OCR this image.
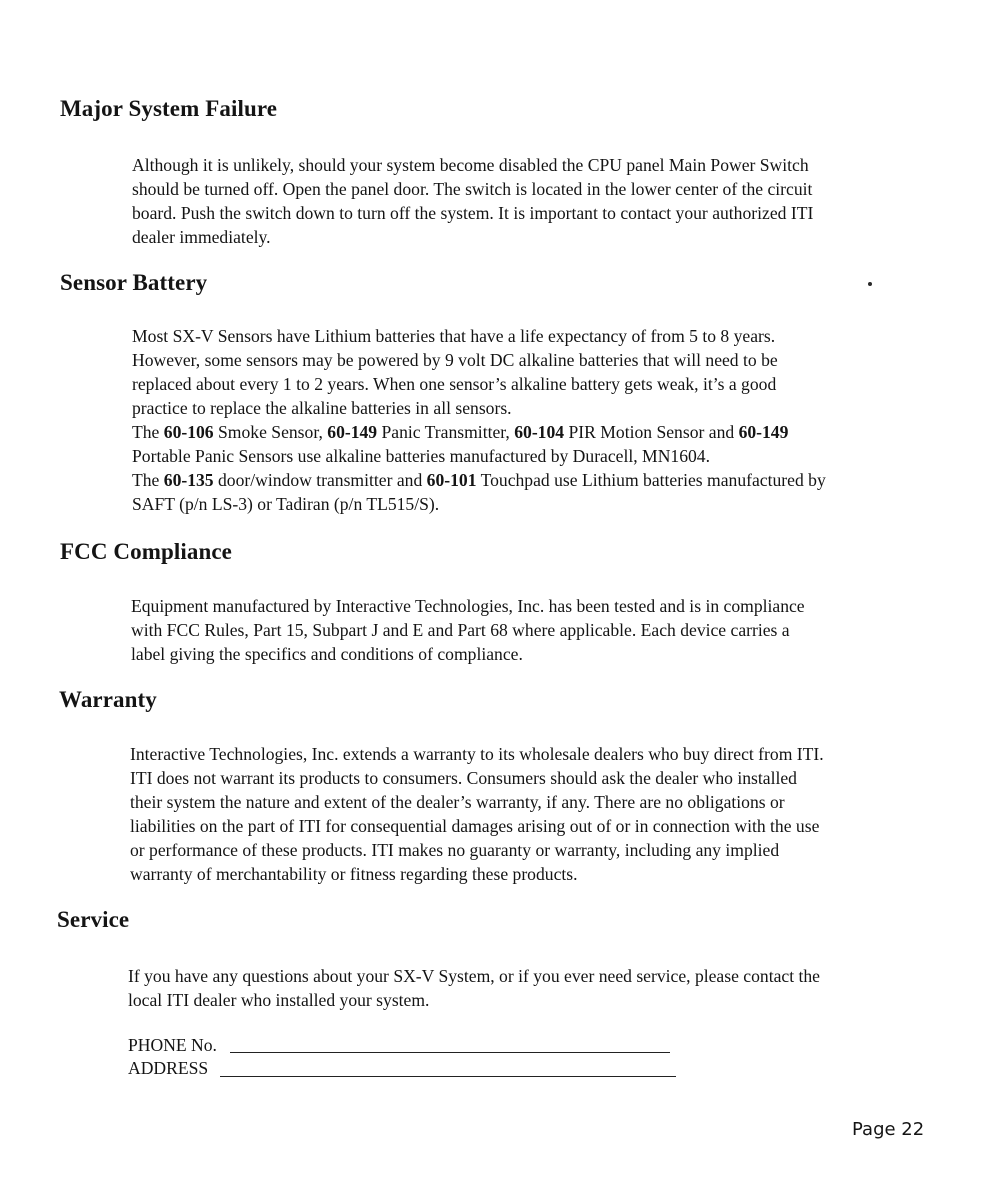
Major System Failure
Although it is unlikely, should your system become disabled the CPU panel Main Power Switch
should be turned off. Open the panel door. The switch is located in the lower center of the circuit
board. Push the switch down to turn off the system. It is important to contact your authorized ITI
dealer immediately.
Sensor Battery
Most SX-V Sensors have Lithium batteries that have a life expectancy of from 5 to 8 years.
However, some sensors may be powered by 9 volt DC alkaline batteries that will need to be
replaced about every 1 to 2 years. When one sensor’s alkaline battery gets weak, it’s a good
practice to replace the alkaline batteries in all sensors.
The 60-106 Smoke Sensor, 60-149 Panic Transmitter, 60-104 PIR Motion Sensor and 60-149
Portable Panic Sensors use alkaline batteries manufactured by Duracell, MN1604.
The 60-135 door/window transmitter and 60-101 Touchpad use Lithium batteries manufactured by
SAFT (p/n LS-3) or Tadiran (p/n TL515/S).
FCC Compliance
Equipment manufactured by Interactive Technologies, Inc. has been tested and is in compliance
with FCC Rules, Part 15, Subpart J and E and Part 68 where applicable. Each device carries a
label giving the specifics and conditions of compliance.
Warranty
Interactive Technologies, Inc. extends a warranty to its wholesale dealers who buy direct from ITI.
ITI does not warrant its products to consumers. Consumers should ask the dealer who installed
their system the nature and extent of the dealer’s warranty, if any. There are no obligations or
liabilities on the part of ITI for consequential damages arising out of or in connection with the use
or performance of these products. ITI makes no guaranty or warranty, including any implied
warranty of merchantability or fitness regarding these products.
Service
If you have any questions about your SX-V System, or if you ever need service, please contact the
local ITI dealer who installed your system.
PHONE No.
ADDRESS
Page 22
